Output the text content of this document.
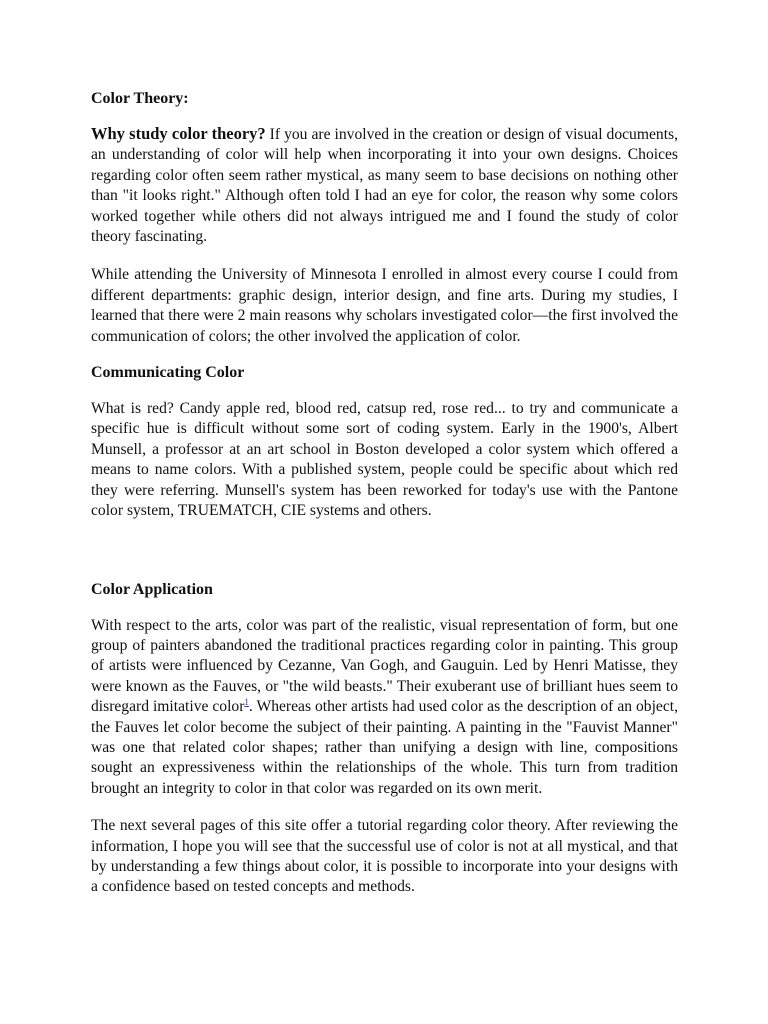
Color Theory:

Why study color theory? If you are involved in the creation or design of visual documents, an understanding of color will help when incorporating it into your own designs. Choices regarding color often seem rather mystical, as many seem to base decisions on nothing other than "it looks right." Although often told I had an eye for color, the reason why some colors worked together while others did not always intrigued me and I found the study of color theory fascinating.

While attending the University of Minnesota I enrolled in almost every course I could from different departments: graphic design, interior design, and fine arts. During my studies, I learned that there were 2 main reasons why scholars investigated color—the first involved the communication of colors; the other involved the application of color.

Communicating Color

What is red? Candy apple red, blood red, catsup red, rose red... to try and communicate a specific hue is difficult without some sort of coding system. Early in the 1900's, Albert Munsell, a professor at an art school in Boston developed a color system which offered a means to name colors. With a published system, people could be specific about which red they were referring. Munsell's system has been reworked for today's use with the Pantone color system, TRUEMATCH, CIE systems and others.

Color Application

With respect to the arts, color was part of the realistic, visual representation of form, but one group of painters abandoned the traditional practices regarding color in painting. This group of artists were influenced by Cezanne, Van Gogh, and Gauguin. Led by Henri Matisse, they were known as the Fauves, or "the wild beasts." Their exuberant use of brilliant hues seem to disregard imitative color$^1$. Whereas other artists had used color as the description of an object, the Fauves let color become the subject of their painting. A painting in the "Fauvist Manner" was one that related color shapes; rather than unifying a design with line, compositions sought an expressiveness within the relationships of the whole. This turn from tradition brought an integrity to color in that color was regarded on its own merit.

The next several pages of this site offer a tutorial regarding color theory. After reviewing the information, I hope you will see that the successful use of color is not at all mystical, and that by understanding a few things about color, it is possible to incorporate into your designs with a confidence based on tested concepts and methods.
